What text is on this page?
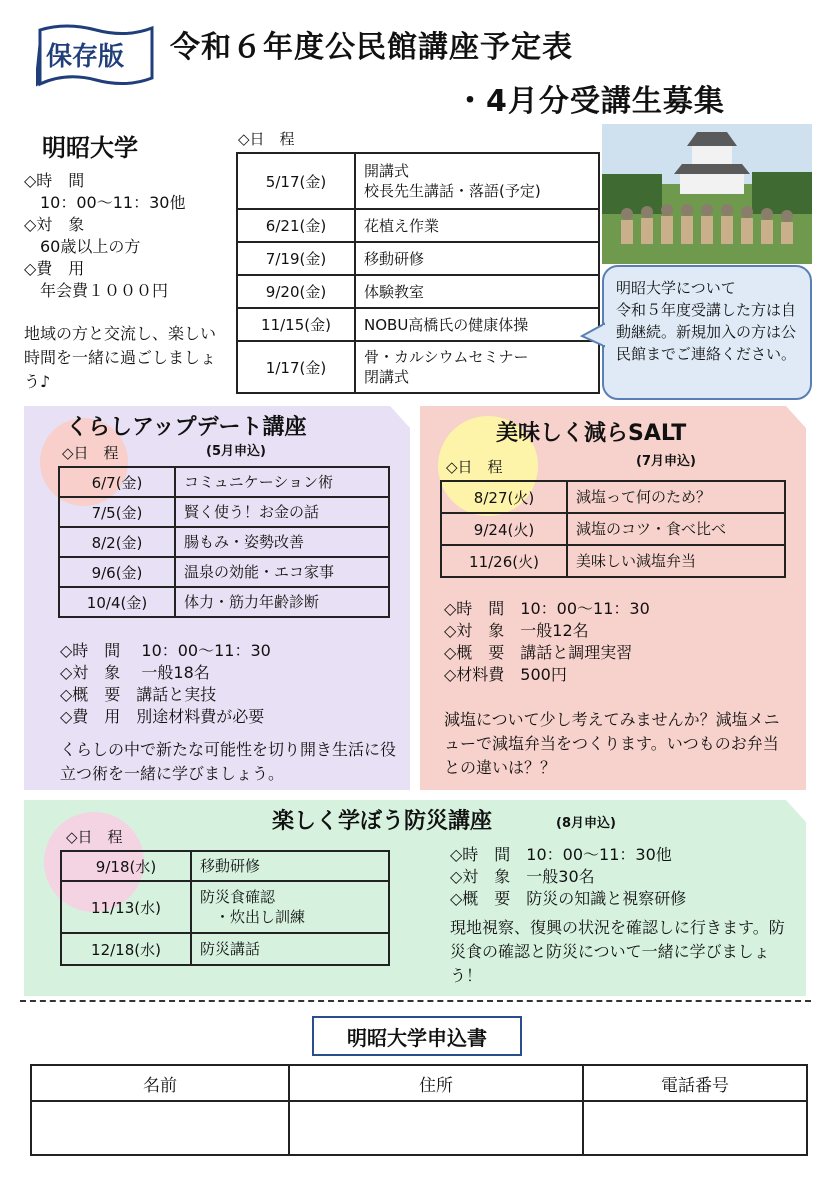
保存版 令和６年度公民館講座予定表
・4月分受講生募集
明昭大学
◇時　間
　10：00～11：30他
◇対　象
　60歳以上の方
◇費　用
　年会費１０００円
地域の方と交流し、楽しい時間を一緒に過ごしましょう♪
◇日　程
5/17(金)	開講式
校長先生講話・落語(予定)
6/21(金)	花植え作業
7/19(金)	移動研修
9/20(金)	体験教室
11/15(金)	NOBU高橋氏の健康体操
1/17(金)	骨・カルシウムセミナー
閉講式
明昭大学について
令和５年度受講した方は自動継続。新規加入の方は公民館までご連絡ください。
くらしアップデート講座
(5月申込)
◇日　程
6/7(金)	コミュニケーション術
7/5(金)	賢く使う！お金の話
8/2(金)	腸もみ・姿勢改善
9/6(金)	温泉の効能・エコ家事
10/4(金)	体力・筋力年齢診断
◇時　間　 10：00～11：30
◇対　象　 一般18名
◇概　要　講話と実技
◇費　用　別途材料費が必要
くらしの中で新たな可能性を切り開き生活に役立つ術を一緒に学びましょう。
美味しく減らSALT
(7月申込)
◇日　程
8/27(火)	減塩って何のため？
9/24(火)	減塩のコツ・食べ比べ
11/26(火)	美味しい減塩弁当
◇時　間　10：00～11：30
◇対　象　一般12名
◇概　要　講話と調理実習
◇材料費　500円
減塩について少し考えてみませんか？減塩メニューで減塩弁当をつくります。いつものお弁当との違いは？？
楽しく学ぼう防災講座	(8月申込)
◇日　程
9/18(水)	移動研修
11/13(水)	防災食確認
　・炊出し訓練
12/18(水)	防災講話
◇時　間　10：00～11：30他
◇対　象　一般30名
◇概　要　防災の知識と視察研修
現地視察、復興の状況を確認しに行きます。防災食の確認と防災について一緒に学びましょう！
明昭大学申込書
名前	住所	電話番号
